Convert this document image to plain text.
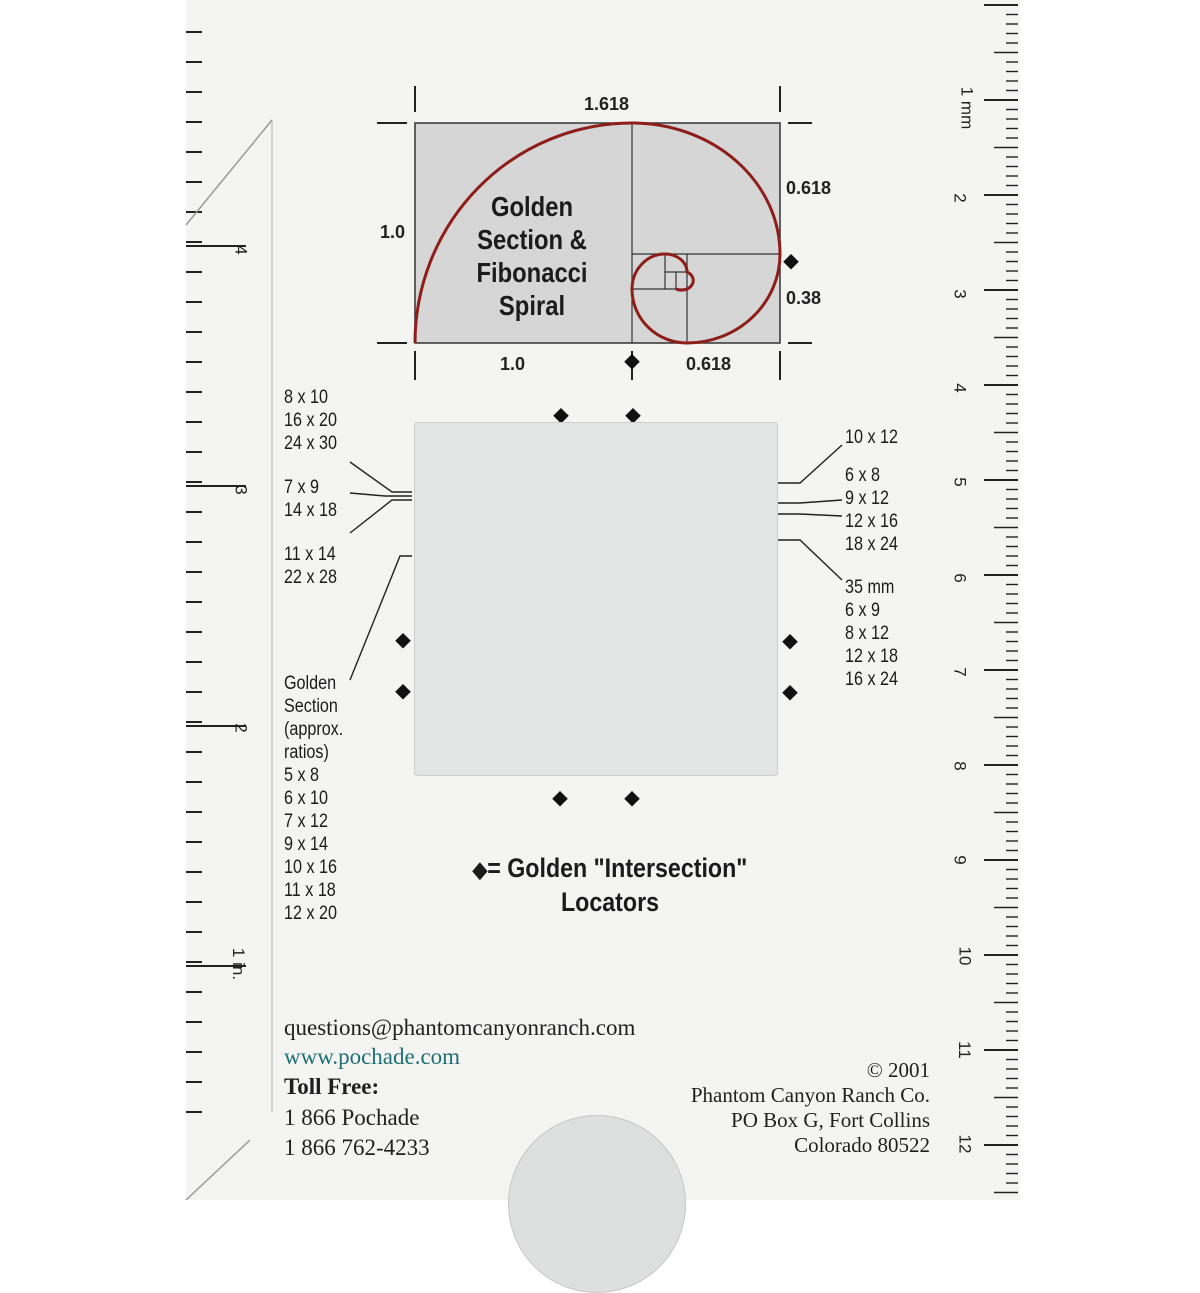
4
3
2
1 in.
1 mm
2
3
4
5
6
7
8
9
10
11
12
Golden
Section &
Fibonacci
Spiral
1.618
1.0
1.0	0.618
0.618
0.38
8 x 10
16 x 20
24 x 30
7 x 9
14 x 18
11 x 14
22 x 28
Golden
Section
(approx.
ratios)
5 x 8
6 x 10
7 x 12
9 x 14
10 x 16
11 x 18
12 x 20
10 x 12
6 x 8
9 x 12
12 x 16
18 x 24
35 mm
6 x 9
8 x 12
12 x 18
16 x 24
◆= Golden "Intersection"
Locators
questions@phantomcanyonranch.com
www.pochade.com
Toll Free:
1 866 Pochade
1 866 762-4233
© 2001
Phantom Canyon Ranch Co.
PO Box G, Fort Collins
Colorado 80522
